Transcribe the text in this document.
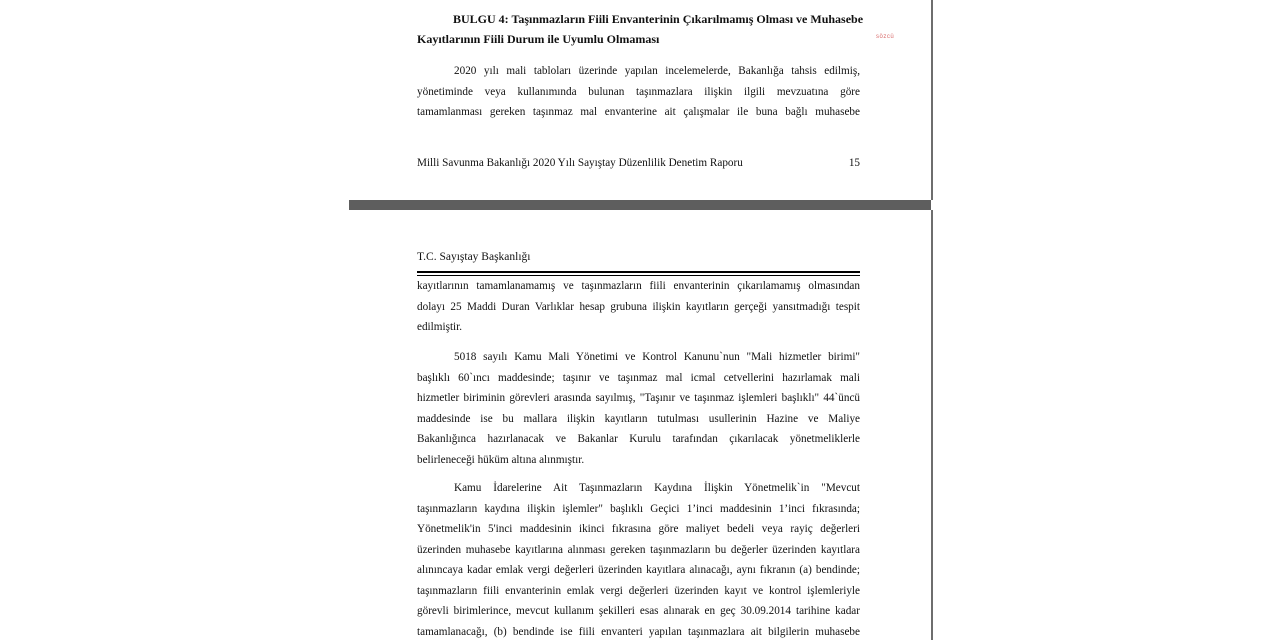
BULGU 4: Taşınmazların Fiili Envanterinin Çıkarılmamış Olması ve Muhasebe
Kayıtlarının Fiili Durum ile Uyumlu Olmaması	sözcü
2020 yılı mali tabloları üzerinde yapılan incelemelerde, Bakanlığa tahsis edilmiş,
yönetiminde veya kullanımında bulunan taşınmazlara ilişkin ilgili mevzuatına göre
tamamlanması gereken taşınmaz mal envanterine ait çalışmalar ile buna bağlı muhasebe
Milli Savunma Bakanlığı 2020 Yılı Sayıştay Düzenlilik Denetim Raporu	15
T.C. Sayıştay Başkanlığı
kayıtlarının tamamlanamamış ve taşınmazların fiili envanterinin çıkarılamamış olmasından
dolayı 25 Maddi Duran Varlıklar hesap grubuna ilişkin kayıtların gerçeği yansıtmadığı tespit
edilmiştir.
5018 sayılı Kamu Mali Yönetimi ve Kontrol Kanunu`nun "Mali hizmetler birimi"
başlıklı 60`ıncı maddesinde; taşınır ve taşınmaz mal icmal cetvellerini hazırlamak mali
hizmetler biriminin görevleri arasında sayılmış, "Taşınır ve taşınmaz işlemleri başlıklı" 44`üncü
maddesinde ise bu mallara ilişkin kayıtların tutulması usullerinin Hazine ve Maliye
Bakanlığınca hazırlanacak ve Bakanlar Kurulu tarafından çıkarılacak yönetmeliklerle
belirleneceği hüküm altına alınmıştır.
Kamu İdarelerine Ait Taşınmazların Kaydına İlişkin Yönetmelik`in "Mevcut
taşınmazların kaydına ilişkin işlemler" başlıklı Geçici 1’inci maddesinin 1’inci fıkrasında;
Yönetmelik'in 5'inci maddesinin ikinci fıkrasına göre maliyet bedeli veya rayiç değerleri
üzerinden muhasebe kayıtlarına alınması gereken taşınmazların bu değerler üzerinden kayıtlara
alınıncaya kadar emlak vergi değerleri üzerinden kayıtlara alınacağı, aynı fıkranın (a) bendinde;
taşınmazların fiili envanterinin emlak vergi değerleri üzerinden kayıt ve kontrol işlemleriyle
görevli birimlerince, mevcut kullanım şekilleri esas alınarak en geç 30.09.2014 tarihine kadar
tamamlanacağı, (b) bendinde ise fiili envanteri yapılan taşınmazlara ait bilgilerin muhasebe
